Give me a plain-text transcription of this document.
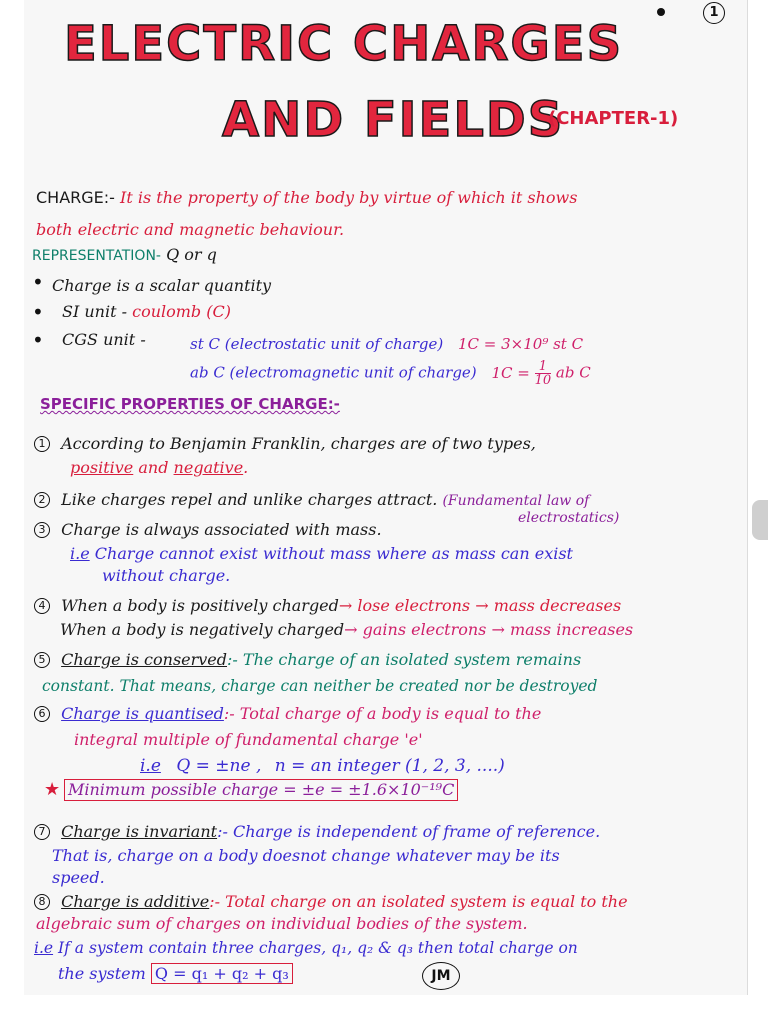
1
ELECTRIC CHARGES
AND FIELDS
(CHAPTER-1)
CHARGE:- It is the property of the body by virtue of which it shows
both electric and magnetic behaviour.
REPRESENTATION- Q or q
• Charge is a scalar quantity
• SI unit - coulomb (C)
• CGS unit -	st C (electrostatic unit of charge) 1C = 3×10⁹ st C
ab C (electromagnetic unit of charge) $1C = \frac{1}{10}$ ab C
SPECIFIC PROPERTIES OF CHARGE:-
1 According to Benjamin Franklin, charges are of two types,
positive and negative.
2 Like charges repel and unlike charges attract. (Fundamental law of
electrostatics)
3 Charge is always associated with mass.
i.e Charge cannot exist without mass where as mass can exist
without charge.
4 When a body is positively charged→ lose electrons → mass decreases
When a body is negatively charged→ gains electrons → mass increases
5 Charge is conserved:- The charge of an isolated system remains
constant. That means, charge can neither be created nor be destroyed
6 Charge is quantised:- Total charge of a body is equal to the
integral multiple of fundamental charge 'e'
i.e Q = ±ne , n = an integer (1, 2, 3, ....)
★ Minimum possible charge = ±e = ±1.6×10⁻¹⁹C
7 Charge is invariant:- Charge is independent of frame of reference.
That is, charge on a body doesnot change whatever may be its
speed.
8 Charge is additive:- Total charge on an isolated system is equal to the
algebraic sum of charges on individual bodies of the system.
i.e If a system contain three charges, q₁, q₂ & q₃ then total charge on
the system Q = q₁ + q₂ + q₃	JM
